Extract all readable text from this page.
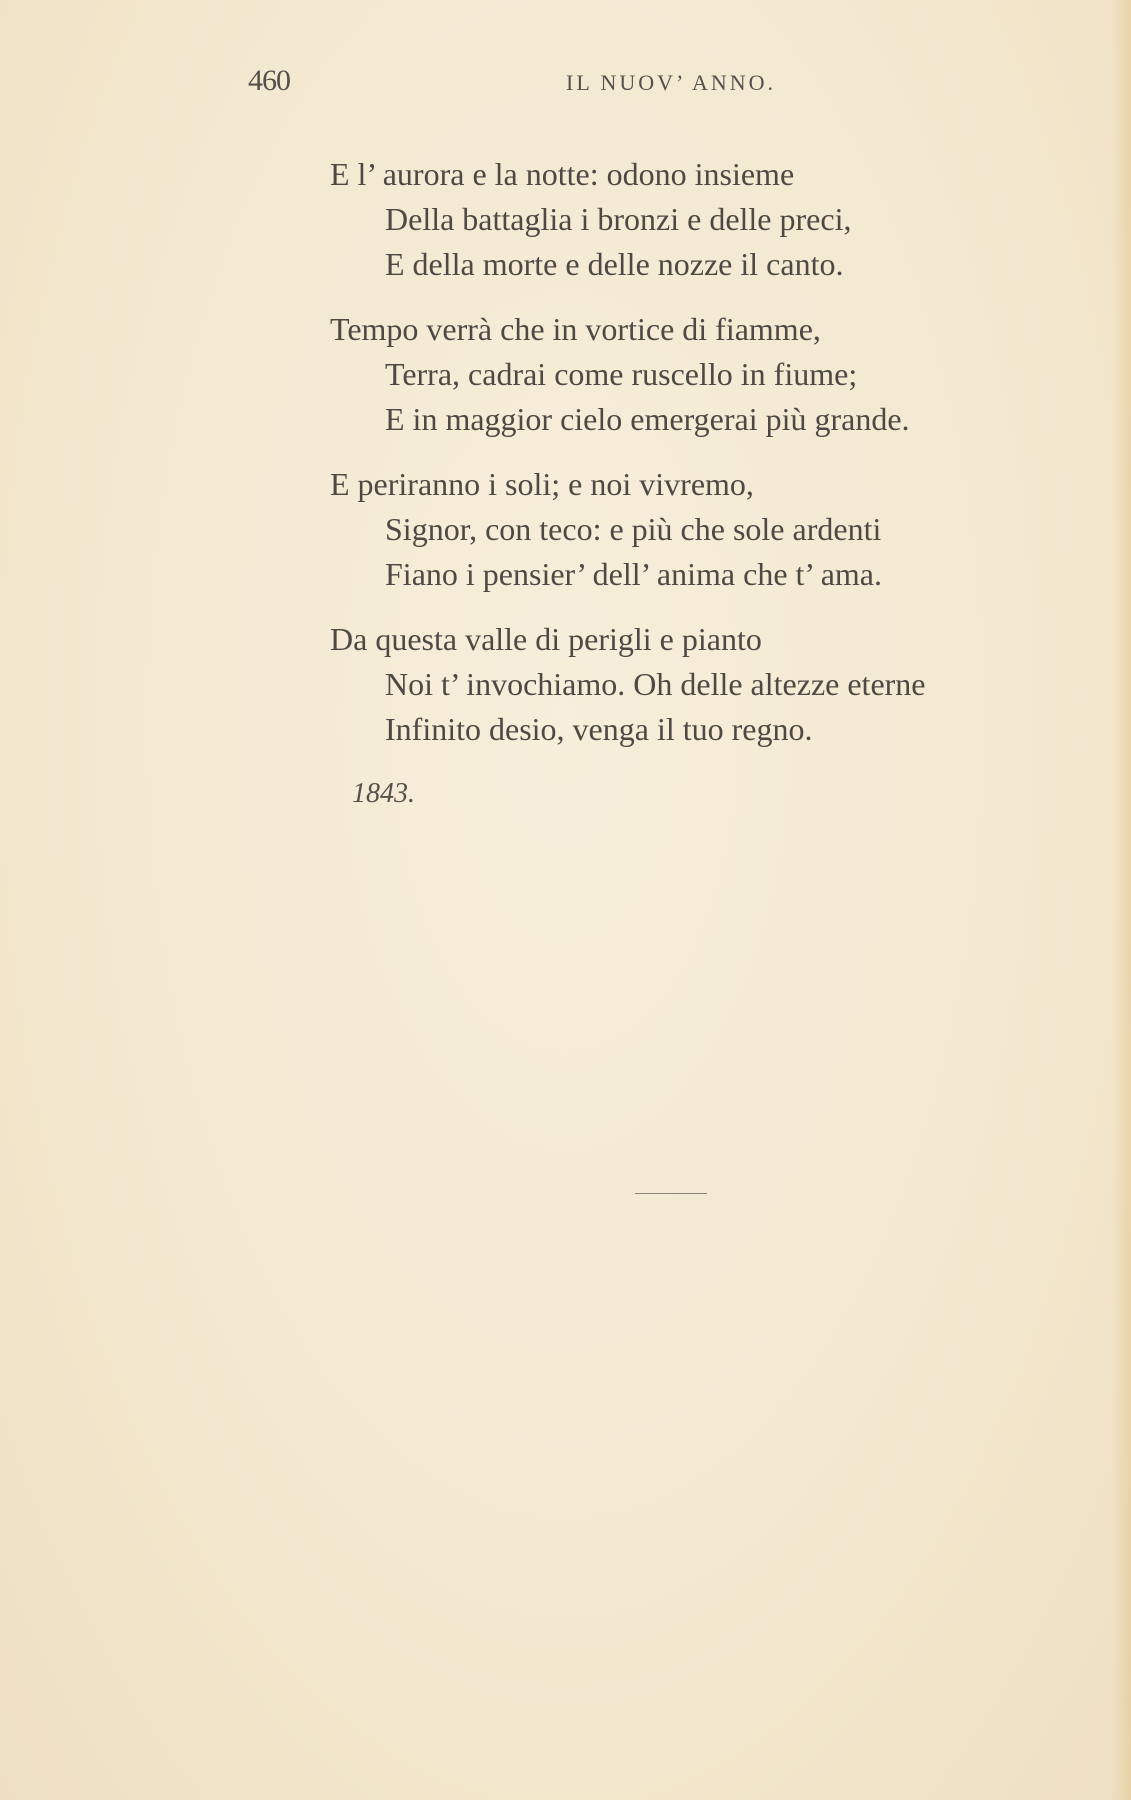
460	IL NUOV’ ANNO.
E l’ aurora e la notte: odono insieme
Della battaglia i bronzi e delle preci,
E della morte e delle nozze il canto.
Tempo verrà che in vortice di fiamme,
Terra, cadrai come ruscello in fiume;
E in maggior cielo emergerai più grande.
E periranno i soli; e noi vivremo,
Signor, con teco: e più che sole ardenti
Fiano i pensier’ dell’ anima che t’ ama.
Da questa valle di perigli e pianto
Noi t’ invochiamo. Oh delle altezze eterne
Infinito desio, venga il tuo regno.
1843.
